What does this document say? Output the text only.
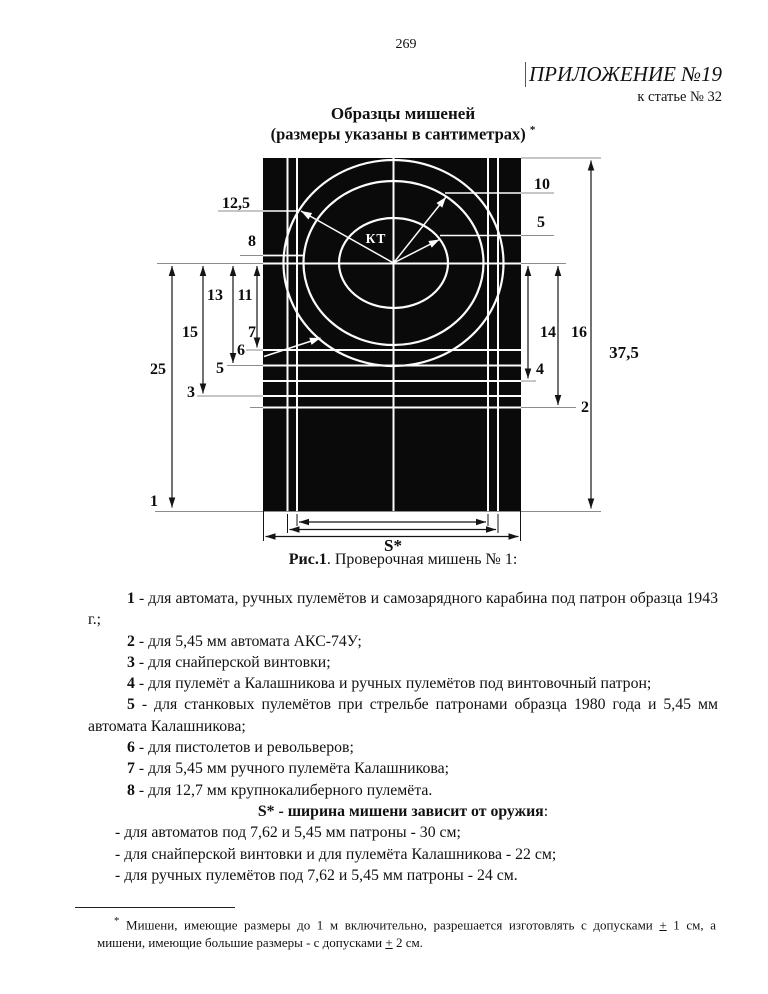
269
ПРИЛОЖЕНИЕ №19
к статье № 32
Образцы мишеней
(размеры указаны в сантиметрах) *
КТ
12,5
8
10
5
13 11
15	7
6
5
25
3
14 16
37,5
4
2
1
S*
Рис.1. Проверочная мишень № 1:

1 - для автомата, ручных пулемётов и самозарядного карабина под патрон образца 1943 г.;

2 - для 5,45 мм автомата АКС-74У;

3 - для снайперской винтовки;

4 - для пулемёт а Калашникова и ручных пулемётов под винтовочный патрон;

5 - для станковых пулемётов при стрельбе патронами образца 1980 года и 5,45 мм автомата Калашникова;

6 - для пистолетов и револьверов;

7 - для 5,45 мм ручного пулемёта Калашникова;

8 - для 12,7 мм крупнокалиберного пулемёта.

S* - ширина мишени зависит от оружия:

- для автоматов под 7,62 и 5,45 мм патроны - 30 см;

- для снайперской винтовки и для пулемёта Калашникова - 22 см;

- для ручных пулемётов под 7,62 и 5,45 мм патроны - 24 см.

* Мишени, имеющие размеры до 1 м включительно, разрешается изготовлять с допусками + 1 см, а мишени, имеющие большие размеры - с допусками + 2 см.
